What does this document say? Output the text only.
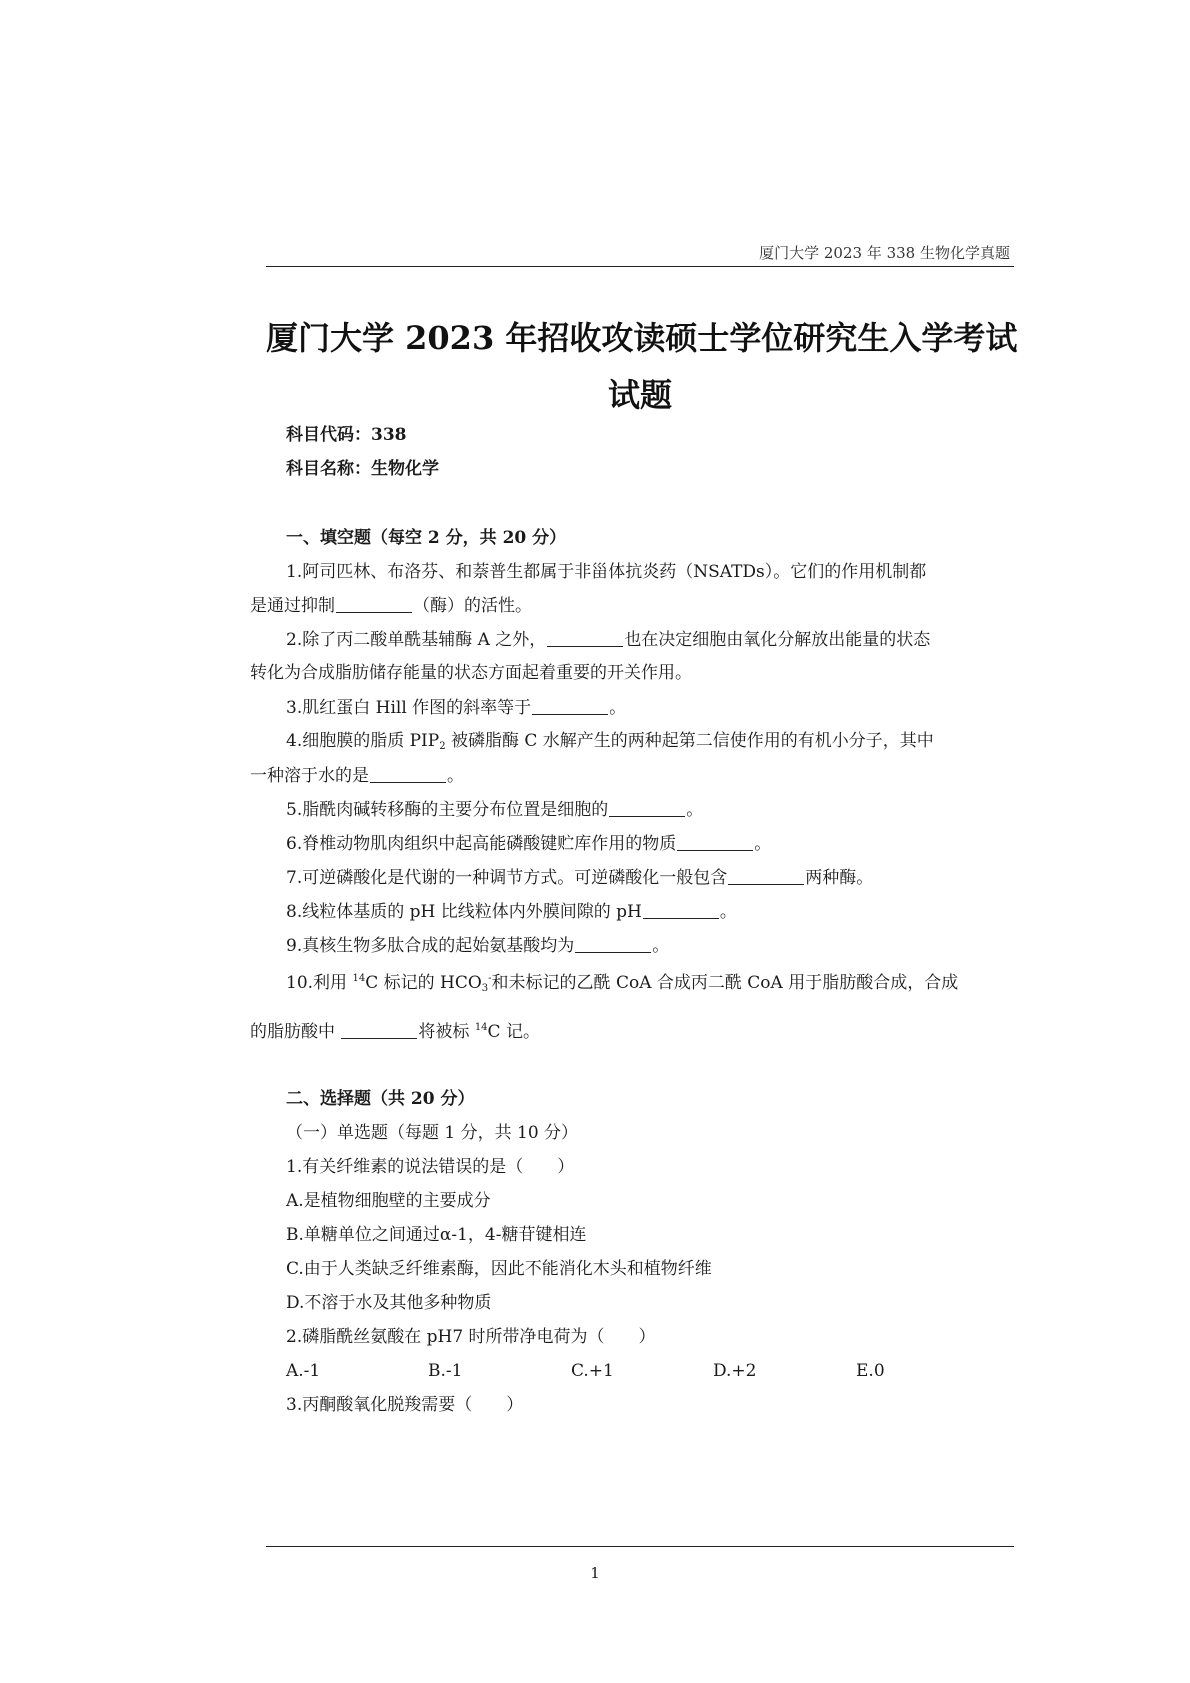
厦门大学 2023 年 338 生物化学真题
厦门大学 2023 年招收攻读硕士学位研究生入学考试
试题
科目代码：338
科目名称：生物化学
一、填空题（每空 2 分，共 20 分）
1.阿司匹林、布洛芬、和萘普生都属于非甾体抗炎药（NSATDs）。它们的作用机制都
是通过抑制	（酶）的活性。
2.除了丙二酸单酰基辅酶 A 之外，	也在决定细胞由氧化分解放出能量的状态
转化为合成脂肪储存能量的状态方面起着重要的开关作用。
3.肌红蛋白 Hill 作图的斜率等于	。
4.细胞膜的脂质 $PIP_2$ 被磷脂酶 C 水解产生的两种起第二信使作用的有机小分子，其中
一种溶于水的是	。
5.脂酰肉碱转移酶的主要分布位置是细胞的	。
6.脊椎动物肌肉组织中起高能磷酸键贮库作用的物质	。
7.可逆磷酸化是代谢的一种调节方式。可逆磷酸化一般包含	两种酶。
8.线粒体基质的 pH 比线粒体内外膜间隙的 pH	。
9.真核生物多肽合成的起始氨基酸均为	。
10.利用 $^{14}$C 标记的 $HCO_3^-$和未标记的乙酰 CoA 合成丙二酰 CoA 用于脂肪酸合成，合成
的脂肪酸中	将被标 $^{14}$C 记。
二、选择题（共 20 分）
（一）单选题（每题 1 分，共 10 分）
1.有关纤维素的说法错误的是（　　）
A.是植物细胞壁的主要成分
B.单糖单位之间通过α-1，4-糖苷键相连
C.由于人类缺乏纤维素酶，因此不能消化木头和植物纤维
D.不溶于水及其他多种物质
2.磷脂酰丝氨酸在 pH7 时所带净电荷为（　　）
A.-1	B.-1	C.+1	D.+2	E.0
3.丙酮酸氧化脱羧需要（　　）
1
